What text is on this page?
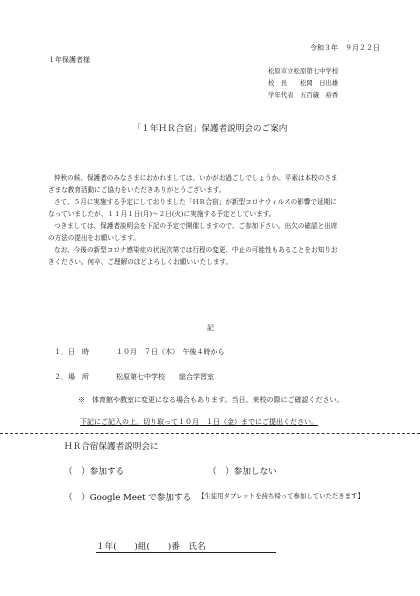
令和３年　９月２２日
１年保護者様
松原市立松原第七中学校
校　長　　松岡　日出雄
学年代表　五百蔵　裕香
「１年ＨＲ合宿」保護者説明会のご案内
仲秋の候、保護者のみなさまにおかれましては、いかがお過ごしでしょうか。平素は本校のさま
ざまな教育活動にご協力をいただきありがとうございます。
さて、５月に実施する予定にしておりました「ＨＲ合宿」が新型コロナウィルスの影響で延期に
なっていましたが、１１月１日(月)～２日(火)に実施する予定としています。
つきましては、保護者説明会を下記の予定で開催しますので、ご参加下さい。出欠の確認と出席
の方法の提出をお願いします。
なお、今後の新型コロナ感染症の状況次第では行程の変更、中止の可能性もあることをお知りお
きください。何卒、ご理解のほどよろしくお願いいたします。
記
１．日　時	１０月　７日（木）　午後４時から
２．場　所	松原第七中学校　　総合学習室
※　体育館や教室に変更になる場合もあります。当日、来校の際にご確認ください。
下記にご記入の上，切り取って１０月　１日（金）までにご提出ください。
ＨＲ合宿保護者説明会に
（　）参加する	（　）参加しない
（　）Google Meet で参加する 【生徒用タブレットを持ち帰って参加していただきます】
１年( )組( )番　氏名
